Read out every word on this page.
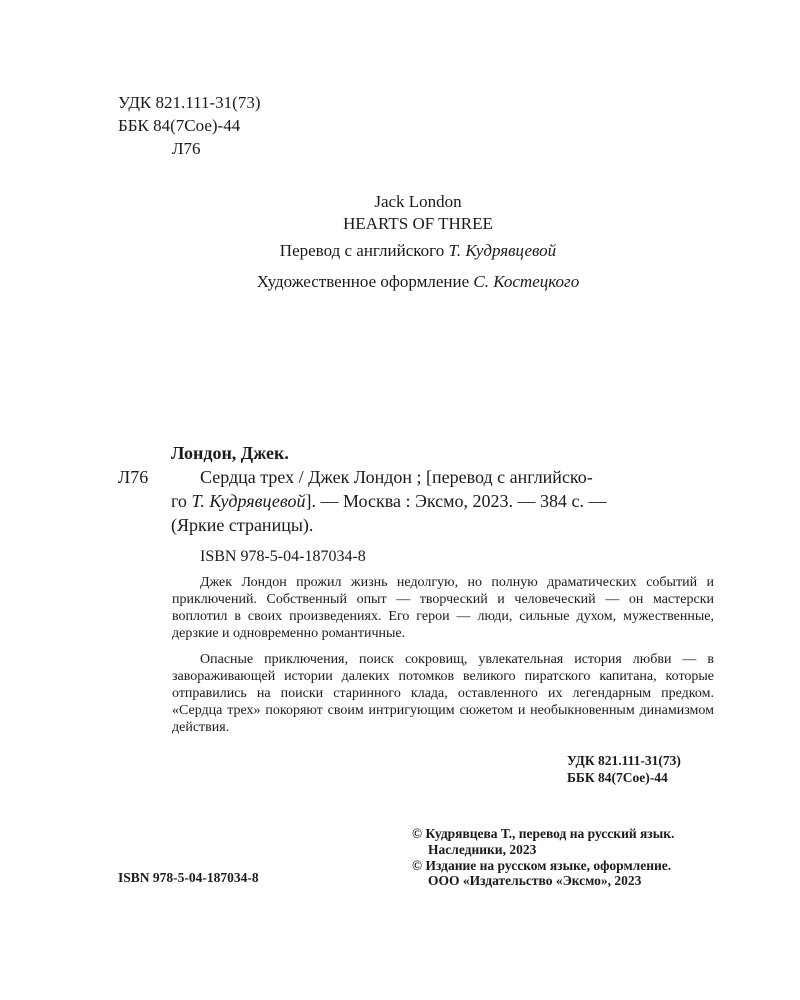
УДК 821.111-31(73)
ББК 84(7Сое)-44
Л76
Jack London
HEARTS OF THREE
Перевод с английского Т. Кудрявцевой
Художественное оформление С. Костецкого
Лондон, Джек.
Л76	Сердца трех / Джек Лондон ; [перевод с английско-
го Т. Кудрявцевой]. — Москва : Эксмо, 2023. — 384 с. —
(Яркие страницы).
ISBN 978-5-04-187034-8
Джек Лондон прожил жизнь недолгую, но полную драматических событий и приключений. Собственный опыт — творческий и человеческий — он мастерски воплотил в своих произведениях. Его герои — люди, сильные духом, мужественные, дерзкие и одновременно романтичные.
Опасные приключения, поиск сокровищ, увлекательная история любви — в завораживающей истории далеких потомков великого пиратского капитана, которые отправились на поиски старинного клада, оставленного их легендарным предком. «Сердца трех» покоряют своим интригующим сюжетом и необыкновенным динамизмом действия.
УДК 821.111-31(73)
ББК 84(7Сое)-44
© Кудрявцева Т., перевод на русский язык.
Наследники, 2023
© Издание на русском языке, оформление.
ООО «Издательство «Эксмо», 2023
ISBN 978-5-04-187034-8
